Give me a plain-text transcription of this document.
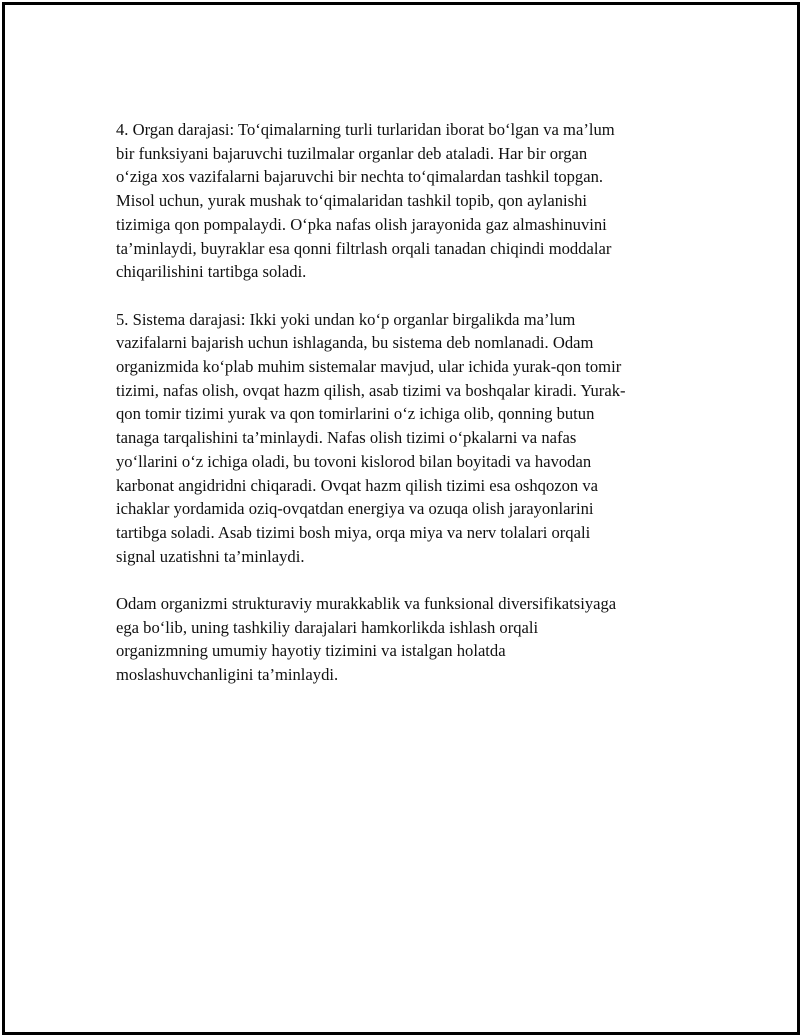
4. Organ darajasi: To‘qimalarning turli turlaridan iborat bo‘lgan va ma’lum
bir funksiyani bajaruvchi tuzilmalar organlar deb ataladi. Har bir organ
o‘ziga xos vazifalarni bajaruvchi bir nechta to‘qimalardan tashkil topgan.
Misol uchun, yurak mushak to‘qimalaridan tashkil topib, qon aylanishi
tizimiga qon pompalaydi. O‘pka nafas olish jarayonida gaz almashinuvini
ta’minlaydi, buyraklar esa qonni filtrlash orqali tanadan chiqindi moddalar
chiqarilishini tartibga soladi.

5. Sistema darajasi: Ikki yoki undan ko‘p organlar birgalikda ma’lum
vazifalarni bajarish uchun ishlaganda, bu sistema deb nomlanadi. Odam
organizmida ko‘plab muhim sistemalar mavjud, ular ichida yurak-qon tomir
tizimi, nafas olish, ovqat hazm qilish, asab tizimi va boshqalar kiradi. Yurak-
qon tomir tizimi yurak va qon tomirlarini o‘z ichiga olib, qonning butun
tanaga tarqalishini ta’minlaydi. Nafas olish tizimi o‘pkalarni va nafas
yo‘llarini o‘z ichiga oladi, bu tovoni kislorod bilan boyitadi va havodan
karbonat angidridni chiqaradi. Ovqat hazm qilish tizimi esa oshqozon va
ichaklar yordamida oziq-ovqatdan energiya va ozuqa olish jarayonlarini
tartibga soladi. Asab tizimi bosh miya, orqa miya va nerv tolalari orqali
signal uzatishni ta’minlaydi.

Odam organizmi strukturaviy murakkablik va funksional diversifikatsiyaga
ega bo‘lib, uning tashkiliy darajalari hamkorlikda ishlash orqali
organizmning umumiy hayotiy tizimini va istalgan holatda
moslashuvchanligini ta’minlaydi.
